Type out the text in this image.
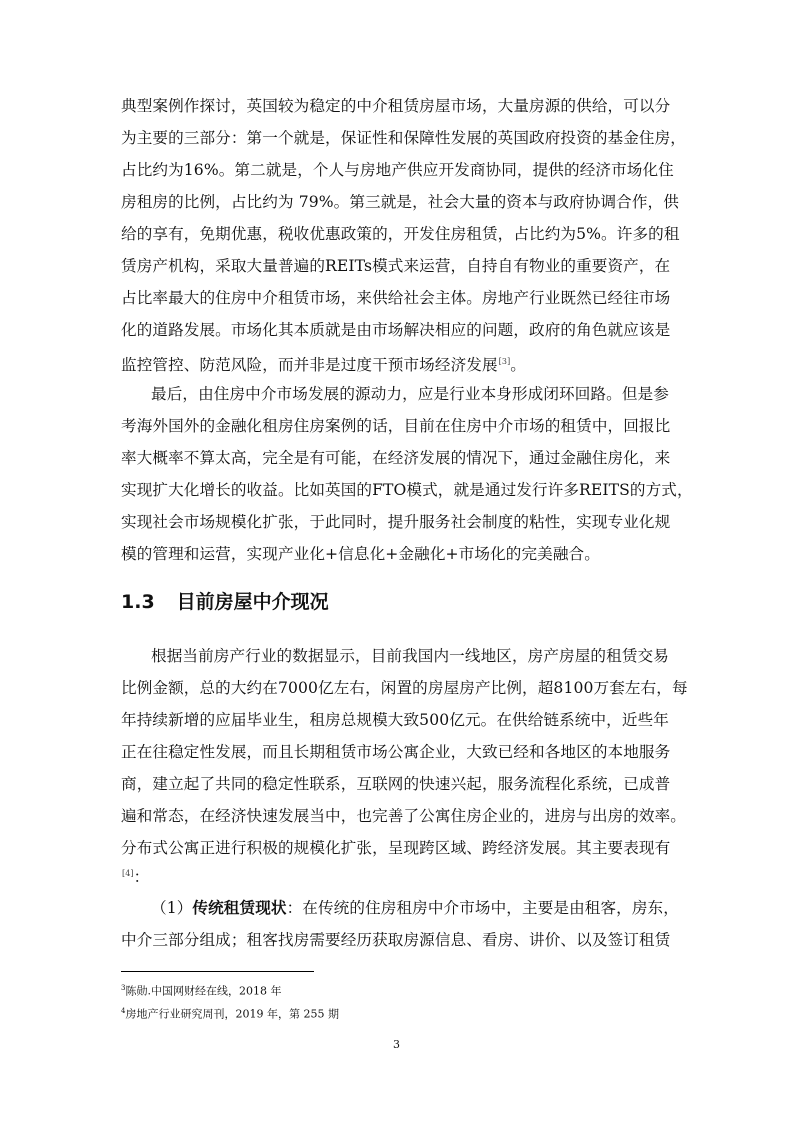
典型案例作探讨，英国较为稳定的中介租赁房屋市场，大量房源的供给，可以分
为主要的三部分：第一个就是，保证性和保障性发展的英国政府投资的基金住房，
占比约为16%。第二就是，个人与房地产供应开发商协同，提供的经济市场化住
房租房的比例，占比约为 79%。第三就是，社会大量的资本与政府协调合作，供
给的享有，免期优惠，税收优惠政策的，开发住房租赁，占比约为5%。许多的租
赁房产机构，采取大量普遍的REITs模式来运营，自持自有物业的重要资产，在
占比率最大的住房中介租赁市场，来供给社会主体。房地产行业既然已经往市场
化的道路发展。市场化其本质就是由市场解决相应的问题，政府的角色就应该是
监控管控、防范风险，而并非是过度干预市场经济发展[3]。
最后，由住房中介市场发展的源动力，应是行业本身形成闭环回路。但是参
考海外国外的金融化租房住房案例的话，目前在住房中介市场的租赁中，回报比
率大概率不算太高，完全是有可能，在经济发展的情况下，通过金融住房化，来
实现扩大化增长的收益。比如英国的FTO模式，就是通过发行许多REITS的方式，
实现社会市场规模化扩张，于此同时，提升服务社会制度的粘性，实现专业化规
模的管理和运营，实现产业化+信息化+金融化+市场化的完美融合。
1.3 目前房屋中介现况
根据当前房产行业的数据显示，目前我国内一线地区，房产房屋的租赁交易
比例金额，总的大约在7000亿左右，闲置的房屋房产比例，超8100万套左右，每
年持续新增的应届毕业生，租房总规模大致500亿元。在供给链系统中，近些年
正在往稳定性发展，而且长期租赁市场公寓企业，大致已经和各地区的本地服务
商，建立起了共同的稳定性联系，互联网的快速兴起，服务流程化系统，已成普
遍和常态，在经济快速发展当中，也完善了公寓住房企业的，进房与出房的效率。
分布式公寓正进行积极的规模化扩张，呈现跨区域、跨经济发展。其主要表现有
[4]：
（1）传统租赁现状：在传统的住房租房中介市场中，主要是由租客，房东，
中介三部分组成；租客找房需要经历获取房源信息、看房、讲价、以及签订租赁
$^3$陈勋.中国网财经在线，2018 年
$^4$房地产行业研究周刊，2019 年，第 255 期
3
